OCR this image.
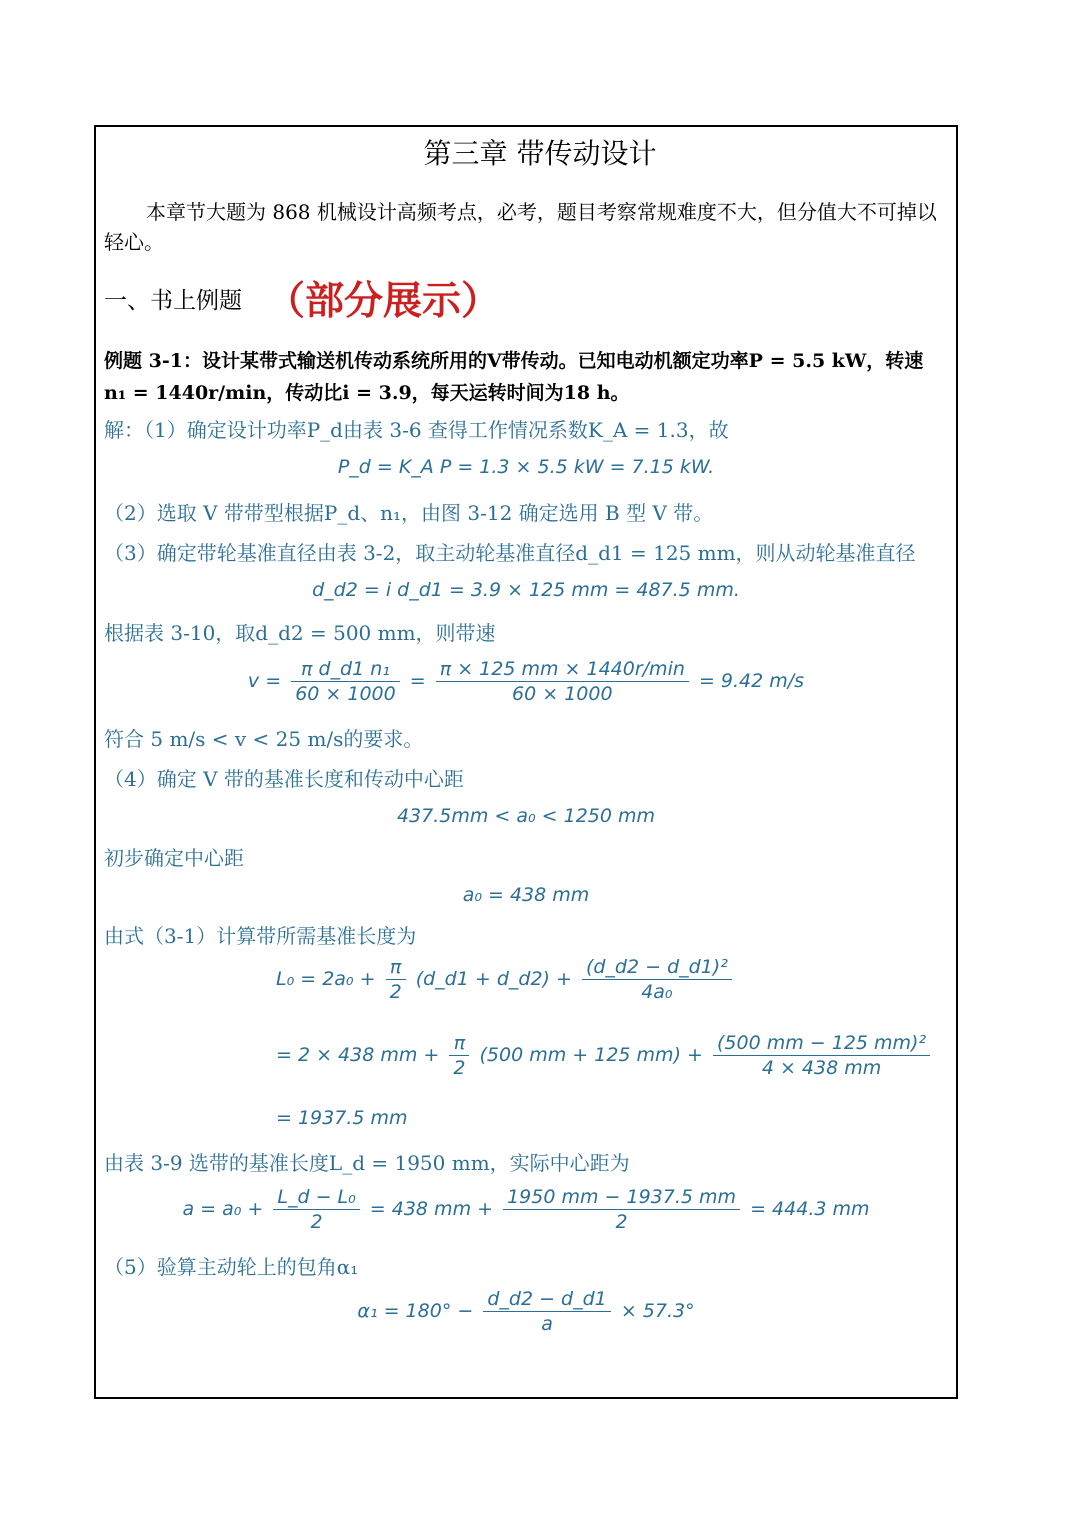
第三章 带传动设计
本章节大题为 868 机械设计高频考点，必考，题目考察常规难度不大，但分值大不可掉以轻心。
一、书上例题 （部分展示）
例题 3-1：设计某带式输送机传动系统所用的V带传动。已知电动机额定功率P = 5.5 kW，转速n₁ = 1440r/min，传动比i = 3.9，每天运转时间为18 h。
解：（1）确定设计功率P_d由表 3-6 查得工作情况系数K_A = 1.3，故
P_d = K_A P = 1.3 × 5.5 kW = 7.15 kW.
（2）选取 V 带带型根据P_d、n₁，由图 3-12 确定选用 B 型 V 带。
（3）确定带轮基准直径由表 3-2，取主动轮基准直径d_d1 = 125 mm，则从动轮基准直径
d_d2 = i d_d1 = 3.9 × 125 mm = 487.5 mm.
根据表 3-10，取d_d2 = 500 mm，则带速
$v = \frac{\text{π d\_d1 n₁}}{60 \times 1000} = \frac{\pi \times 125 mm \times 1440r/\min}{60 \times 1000} = 9.42$ m/s
符合 5 m/s < v < 25 m/s的要求。
（4）确定 V 带的基准长度和传动中心距
437.5mm < a₀ < 1250 mm
初步确定中心距
a₀ = 438 mm
由式（3-1）计算带所需基准长度为
$L_0 = 2a_0 + \frac{\pi}{2}$ (d_d1 + d_d2) + $\frac{\text{(d\_d2 − d\_d1)²}}{\text{4a₀}}$
= 2 × 438 mm + $\frac{\pi}{2} (500$ mm + 125 $mm) + \frac{\text{(500 mm − 125 mm)²}}{4 \times 438 mm}$
= 1937.5 mm
由表 3-9 选带的基准长度L_d = 1950 mm，实际中心距为
$a = a_0 + \frac{\text{L\_d − L₀}}{2} = 438$ mm + $\frac{1950 mm - 1937.5 mm}{2} = 444.3$ mm
（5）验算主动轮上的包角α₁
$\alpha_1 = 180^\circ - \frac{d\_d2 - d\_d1}{a} \times 57.3^\circ$
